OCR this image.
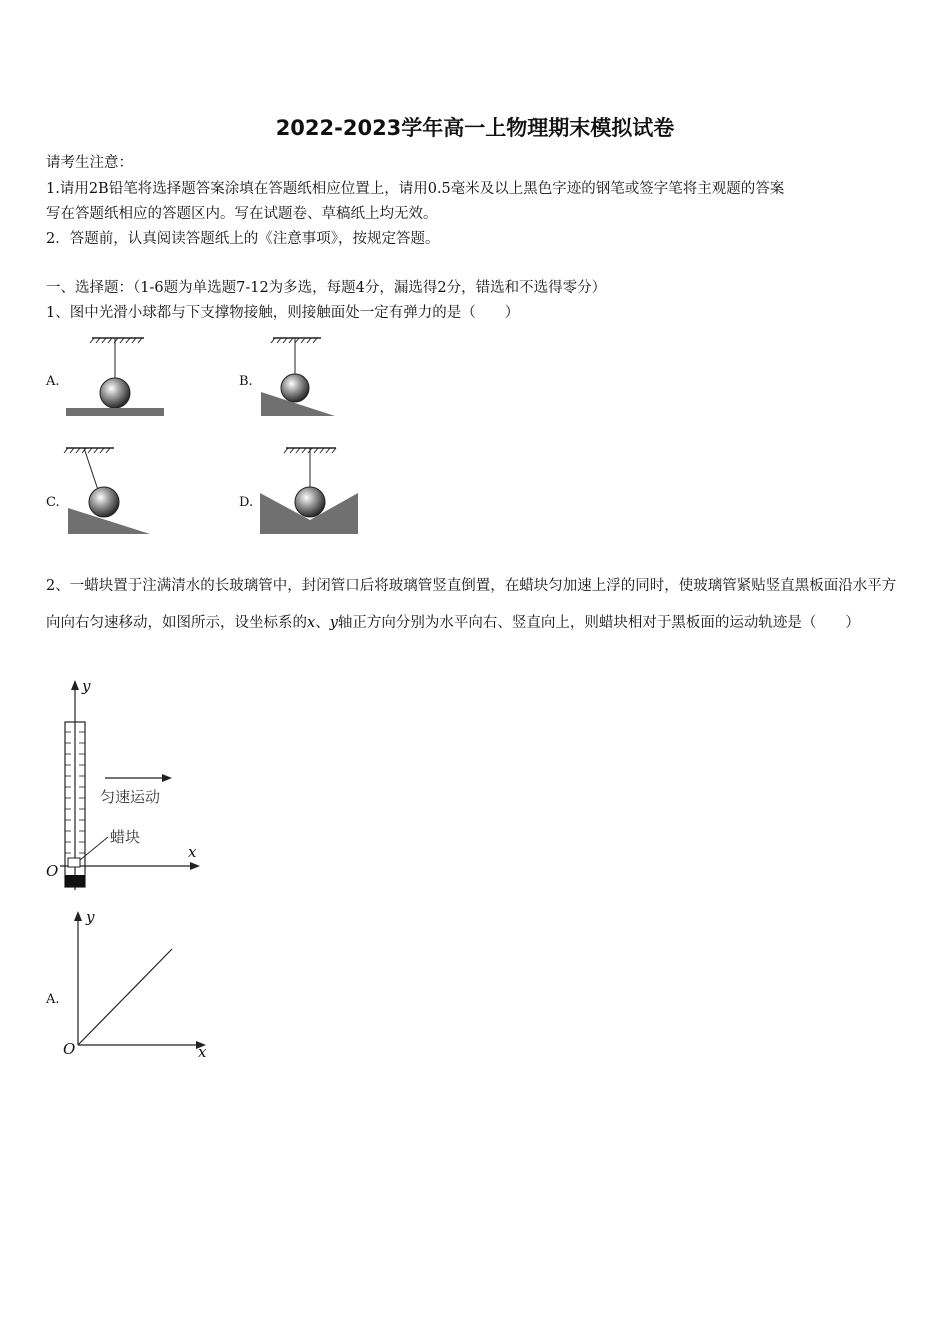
2022-2023学年高一上物理期末模拟试卷
请考生注意：
1.请用2B铅笔将选择题答案涂填在答题纸相应位置上，请用0.5毫米及以上黑色字迹的钢笔或签字笔将主观题的答案
写在答题纸相应的答题区内。写在试题卷、草稿纸上均无效。
2．答题前，认真阅读答题纸上的《注意事项》，按规定答题。
一、选择题：（1-6题为单选题7-12为多选，每题4分，漏选得2分，错选和不选得零分）
1、图中光滑小球都与下支撑物接触，则接触面处一定有弹力的是（　　）
A.	B.
C.	D.
2、一蜡块置于注满清水的长玻璃管中，封闭管口后将玻璃管竖直倒置，在蜡块匀加速上浮的同时，使玻璃管紧贴竖直黑板面沿水平方向向右匀速移动，如图所示，设坐标系的x、y轴正方向分别为水平向右、竖直向上，则蜡块相对于黑板面的运动轨迹是（　　）
y
x
O
匀速运动
蜡块
A.
y
x
O
